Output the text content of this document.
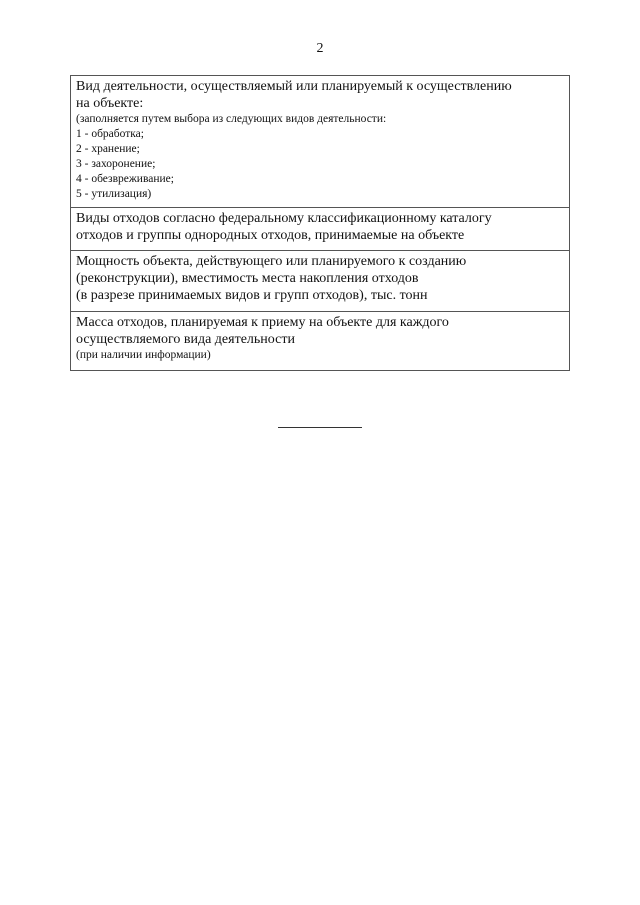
2
Вид деятельности, осуществляемый или планируемый к осуществлению
на объекте:
(заполняется путем выбора из следующих видов деятельности:
1 - обработка;
2 - хранение;
3 - захоронение;
4 - обезвреживание;
5 - утилизация)

Виды отходов согласно федеральному классификационному каталогу
отходов и группы однородных отходов, принимаемые на объекте

Мощность объекта, действующего или планируемого к созданию
(реконструкции), вместимость места накопления отходов
(в разрезе принимаемых видов и групп отходов), тыс. тонн

Масса отходов, планируемая к приему на объекте для каждого
осуществляемого вида деятельности
(при наличии информации)
